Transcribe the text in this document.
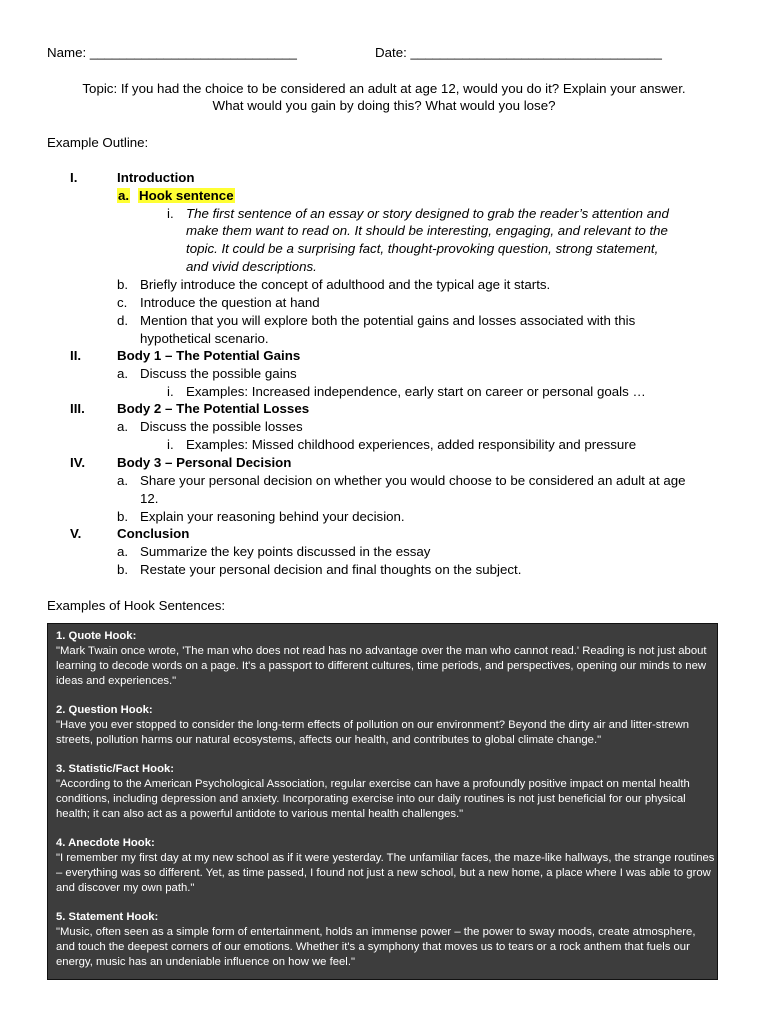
Name: ____________________________	Date: __________________________________
Topic: If you had the choice to be considered an adult at age 12, would you do it? Explain your answer.
What would you gain by doing this? What would you lose?
Example Outline:
I.	Introduction
a. Hook sentence
i. The first sentence of an essay or story designed to grab the reader’s attention and
make them want to read on. It should be interesting, engaging, and relevant to the
topic. It could be a surprising fact, thought-provoking question, strong statement,
and vivid descriptions.
b. Briefly introduce the concept of adulthood and the typical age it starts.
c. Introduce the question at hand
d. Mention that you will explore both the potential gains and losses associated with this
hypothetical scenario.
II.	Body 1 – The Potential Gains
a. Discuss the possible gains
i. Examples: Increased independence, early start on career or personal goals …
III. Body 2 – The Potential Losses
a. Discuss the possible losses
i. Examples: Missed childhood experiences, added responsibility and pressure
IV. Body 3 – Personal Decision
a. Share your personal decision on whether you would choose to be considered an adult at age
12.
b. Explain your reasoning behind your decision.
V.	Conclusion
a. Summarize the key points discussed in the essay
b. Restate your personal decision and final thoughts on the subject.
Examples of Hook Sentences:
1. Quote Hook:
"Mark Twain once wrote, 'The man who does not read has no advantage over the man who cannot read.' Reading is not just about learning to decode words on a page. It's a passport to different cultures, time periods, and perspectives, opening our minds to new ideas and experiences."
2. Question Hook:
"Have you ever stopped to consider the long-term effects of pollution on our environment? Beyond the dirty air and litter-strewn streets, pollution harms our natural ecosystems, affects our health, and contributes to global climate change."
3. Statistic/Fact Hook:
"According to the American Psychological Association, regular exercise can have a profoundly positive impact on mental health conditions, including depression and anxiety. Incorporating exercise into our daily routines is not just beneficial for our physical health; it can also act as a powerful antidote to various mental health challenges."
4. Anecdote Hook:
"I remember my first day at my new school as if it were yesterday. The unfamiliar faces, the maze-like hallways, the strange routines – everything was so different. Yet, as time passed, I found not just a new school, but a new home, a place where I was able to grow and discover my own path."
5. Statement Hook:
"Music, often seen as a simple form of entertainment, holds an immense power – the power to sway moods, create atmosphere, and touch the deepest corners of our emotions. Whether it's a symphony that moves us to tears or a rock anthem that fuels our energy, music has an undeniable influence on how we feel."
